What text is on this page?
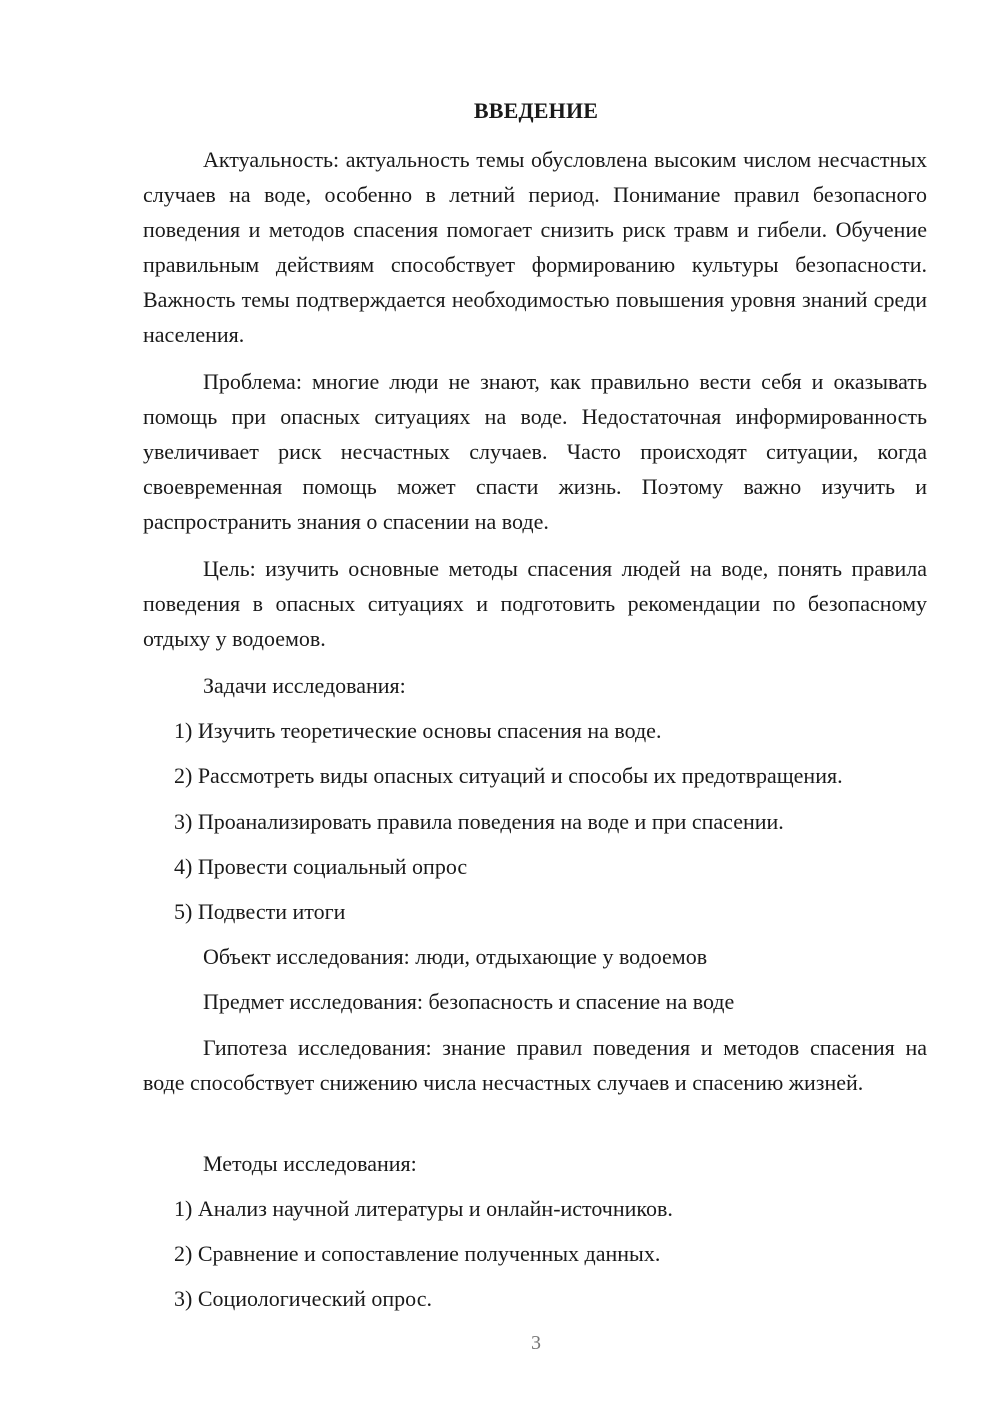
ВВЕДЕНИЕ

Актуальность: актуальность темы обусловлена высоким числом несчастных случаев на воде, особенно в летний период. Понимание правил безопасного поведения и методов спасения помогает снизить риск травм и гибели. Обучение правильным действиям способствует формированию культуры безопасности. Важность темы подтверждается необходимостью повышения уровня знаний среди населения.

Проблема: многие люди не знают, как правильно вести себя и оказывать помощь при опасных ситуациях на воде. Недостаточная информированность увеличивает риск несчастных случаев. Часто происходят ситуации, когда своевременная помощь может спасти жизнь. Поэтому важно изучить и распространить знания о спасении на воде.

Цель: изучить основные методы спасения людей на воде, понять правила поведения в опасных ситуациях и подготовить рекомендации по безопасному отдыху у водоемов.

Задачи исследования:

1) Изучить теоретические основы спасения на воде.

2) Рассмотреть виды опасных ситуаций и способы их предотвращения.

3) Проанализировать правила поведения на воде и при спасении.

4) Провести социальный опрос

5) Подвести итоги

Объект исследования: люди, отдыхающие у водоемов

Предмет исследования: безопасность и спасение на воде

Гипотеза исследования: знание правил поведения и методов спасения на воде способствует снижению числа несчастных случаев и спасению жизней.

Методы исследования:

1) Анализ научной литературы и онлайн-источников.

2) Сравнение и сопоставление полученных данных.

3) Социологический опрос.

3
